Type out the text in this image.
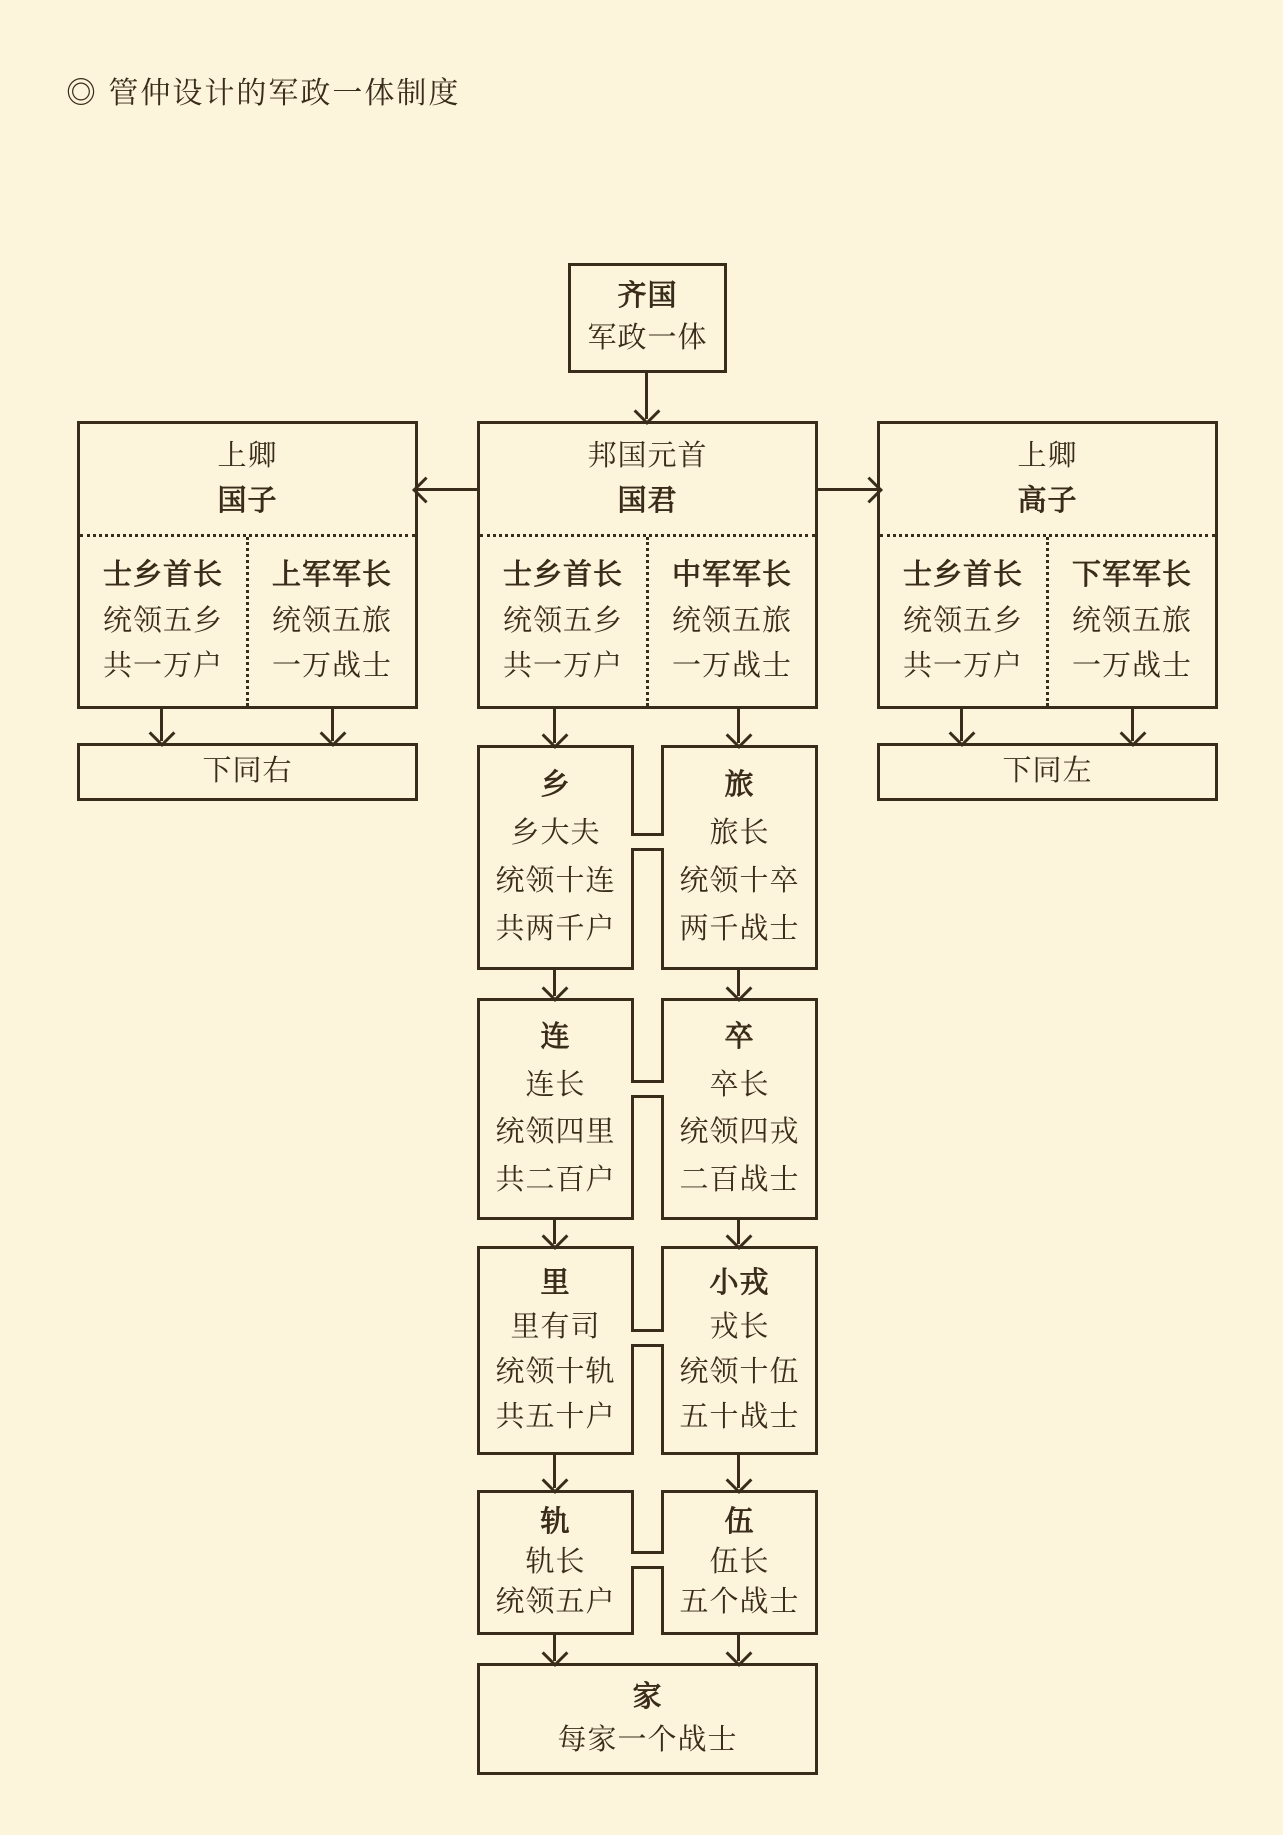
◎ 管仲设计的军政一体制度
齐国
军政一体
上卿
国子
士乡首长
统领五乡
共一万户
上军军长
统领五旅
一万战士
邦国元首
国君
士乡首长
统领五乡
共一万户
中军军长
统领五旅
一万战士
上卿
高子
士乡首长
统领五乡
共一万户
下军军长
统领五旅
一万战士
下同右	下同左
乡
乡大夫
统领十连
共两千户
旅
旅长
统领十卒
两千战士
连
连长
统领四里
共二百户
卒
卒长
统领四戎
二百战士
里
里有司
统领十轨
共五十户
小戎
戎长
统领十伍
五十战士
轨
轨长
统领五户
伍
伍长
五个战士
家
每家一个战士
